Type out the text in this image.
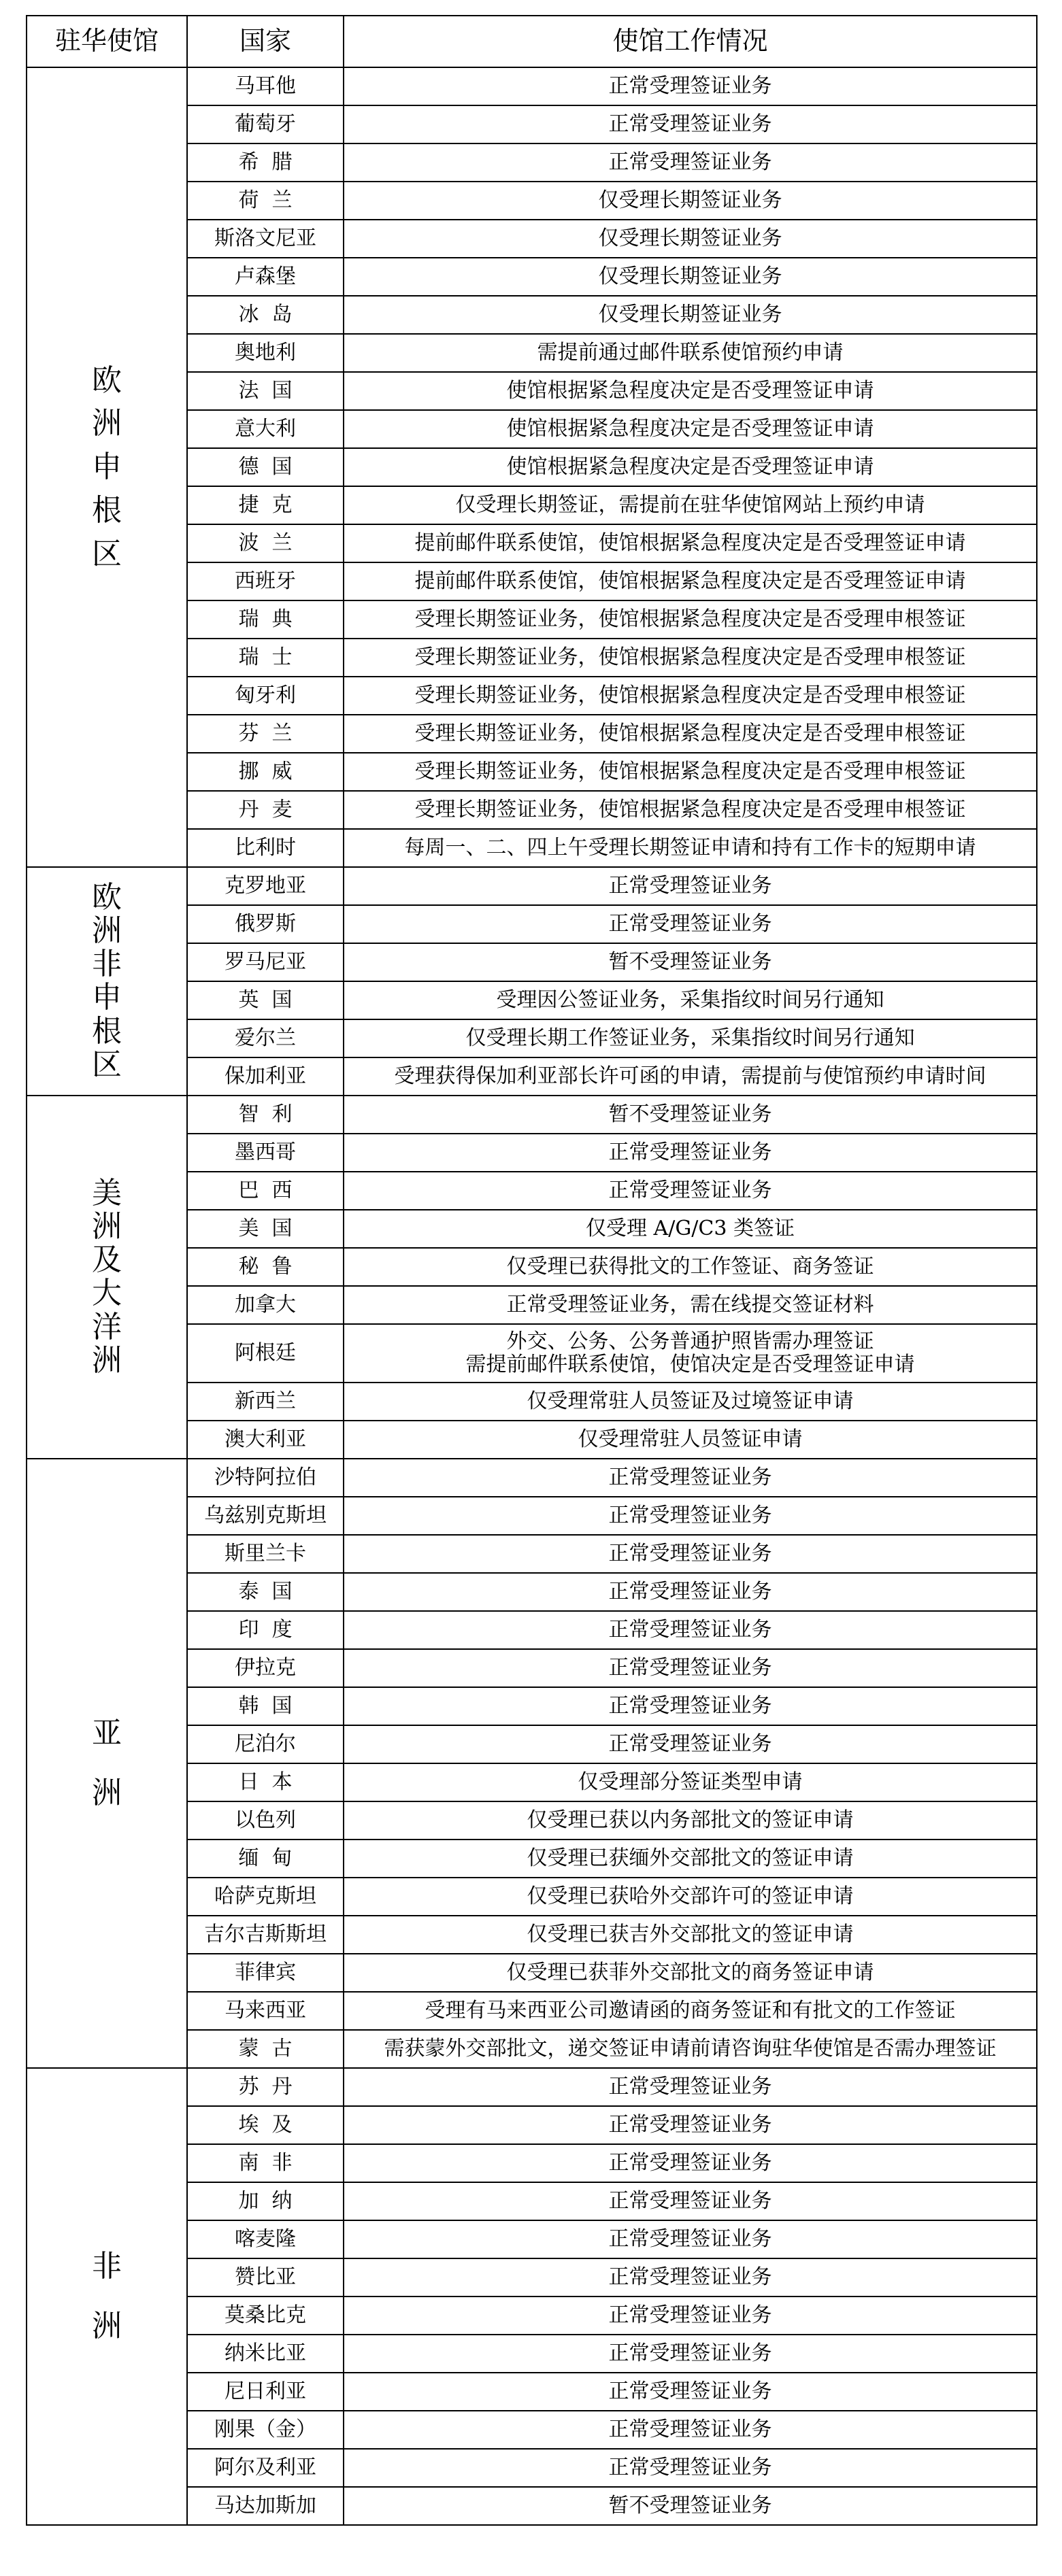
驻华使馆	国家	使馆工作情况
欧洲申根区	马耳他	正常受理签证业务
	葡萄牙	正常受理签证业务
	希  腊	正常受理签证业务
	荷  兰	仅受理长期签证业务
	斯洛文尼亚	仅受理长期签证业务
	卢森堡	仅受理长期签证业务
	冰  岛	仅受理长期签证业务
	奥地利	需提前通过邮件联系使馆预约申请
	法  国	使馆根据紧急程度决定是否受理签证申请
	意大利	使馆根据紧急程度决定是否受理签证申请
	德  国	使馆根据紧急程度决定是否受理签证申请
	捷  克	仅受理长期签证，需提前在驻华使馆网站上预约申请
	波  兰	提前邮件联系使馆，使馆根据紧急程度决定是否受理签证申请
	西班牙	提前邮件联系使馆，使馆根据紧急程度决定是否受理签证申请
	瑞  典	受理长期签证业务，使馆根据紧急程度决定是否受理申根签证
	瑞  士	受理长期签证业务，使馆根据紧急程度决定是否受理申根签证
	匈牙利	受理长期签证业务，使馆根据紧急程度决定是否受理申根签证
	芬  兰	受理长期签证业务，使馆根据紧急程度决定是否受理申根签证
	挪  威	受理长期签证业务，使馆根据紧急程度决定是否受理申根签证
	丹  麦	受理长期签证业务，使馆根据紧急程度决定是否受理申根签证
	比利时	每周一、二、四上午受理长期签证申请和持有工作卡的短期申请
欧洲非申根区	克罗地亚	正常受理签证业务
	俄罗斯	正常受理签证业务
	罗马尼亚	暂不受理签证业务
	英  国	受理因公签证业务，采集指纹时间另行通知
	爱尔兰	仅受理长期工作签证业务，采集指纹时间另行通知
	保加利亚	受理获得保加利亚部长许可函的申请，需提前与使馆预约申请时间
美洲及大洋洲	智  利	暂不受理签证业务
	墨西哥	正常受理签证业务
	巴  西	正常受理签证业务
	美  国	仅受理 A/G/C3 类签证
	秘  鲁	仅受理已获得批文的工作签证、商务签证
	加拿大	正常受理签证业务，需在线提交签证材料
	阿根廷	外交、公务、公务普通护照皆需办理签证
需提前邮件联系使馆，使馆决定是否受理签证申请
	新西兰	仅受理常驻人员签证及过境签证申请
	澳大利亚	仅受理常驻人员签证申请
亚洲	沙特阿拉伯	正常受理签证业务
	乌兹别克斯坦	正常受理签证业务
	斯里兰卡	正常受理签证业务
	泰  国	正常受理签证业务
	印  度	正常受理签证业务
	伊拉克	正常受理签证业务
	韩  国	正常受理签证业务
	尼泊尔	正常受理签证业务
	日  本	仅受理部分签证类型申请
	以色列	仅受理已获以内务部批文的签证申请
	缅  甸	仅受理已获缅外交部批文的签证申请
	哈萨克斯坦	仅受理已获哈外交部许可的签证申请
	吉尔吉斯斯坦	仅受理已获吉外交部批文的签证申请
	菲律宾	仅受理已获菲外交部批文的商务签证申请
	马来西亚	受理有马来西亚公司邀请函的商务签证和有批文的工作签证
	蒙  古	需获蒙外交部批文，递交签证申请前请咨询驻华使馆是否需办理签证
非洲	苏  丹	正常受理签证业务
	埃  及	正常受理签证业务
	南  非	正常受理签证业务
	加  纳	正常受理签证业务
	喀麦隆	正常受理签证业务
	赞比亚	正常受理签证业务
	莫桑比克	正常受理签证业务
	纳米比亚	正常受理签证业务
	尼日利亚	正常受理签证业务
	刚果（金）	正常受理签证业务
	阿尔及利亚	正常受理签证业务
	马达加斯加	暂不受理签证业务
